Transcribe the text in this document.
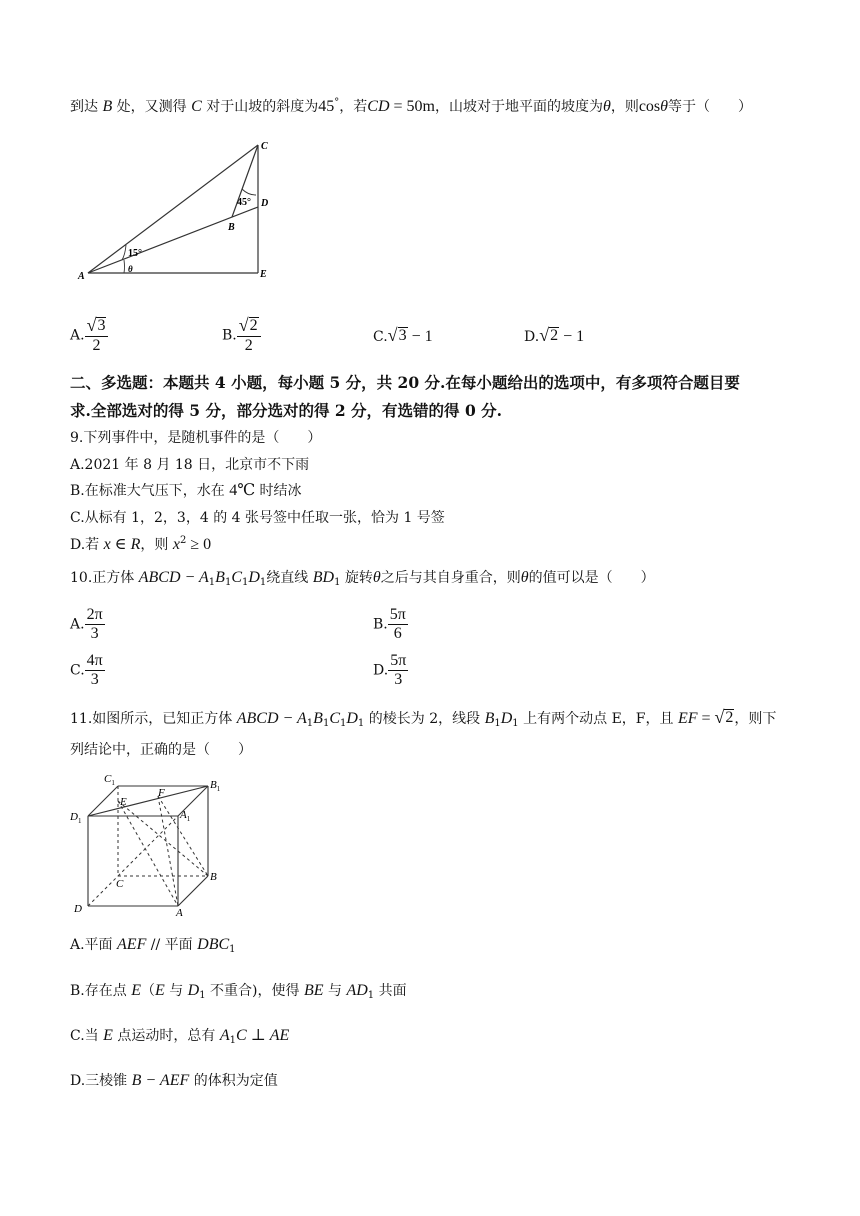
到达 B 处，又测得 C 对于山坡的斜度为45°，若CD = 50m，山坡对于地平面的坡度为θ，则cosθ等于（　　）
C
D
B
A	E
45°
15°
θ
A. $\frac{√ 3}{2}$	B. $\frac{√ 2}{2}$	C. √ 3 − 1	D. √ 2 − 1
二、多选题：本题共 4 小题，每小题 5 分，共 20 分.在每小题给出的选项中，有多项符合题目要
求.全部选对的得 5 分，部分选对的得 2 分，有选错的得 0 分.
9.下列事件中，是随机事件的是（　　）
A.2021 年 8 月 18 日，北京市不下雨
B.在标准大气压下，水在 4℃ 时结冰
C.从标有 1，2，3，4 的 4 张号签中任取一张，恰为 1 号签
D.若 x ∈ R，则 $x^2 \ge 0$
10.正方体 ABCD − $A_1B_1C_1D_1$绕直线 $BD_1$ 旋转θ之后与其自身重合，则θ的值可以是（　　）
A. $\frac{2\pi}{3}$	B. $\frac{5\pi}{6}$
C. $\frac{4\pi}{3}$	D. $\frac{5\pi}{3}$
11.如图所示，已知正方体 ABCD − $A_1B_1C_1D_1$ 的棱长为 2，线段 $B_1D_1$ 上有两个动点 E，F，且 EF = √ 2 ，则下
列结论中，正确的是（　　）
$C_1$	$B_1$
$D_1$	$A_1$
E
F
C
B
D	A
A.平面 AEF // 平面 $DBC_1$
B.存在点 E（E 与 $D_1$ 不重合)，使得 BE 与 $AD_1$ 共面
C.当 E 点运动时，总有 $A_1C$ ⊥ AE
D.三棱锥 B − AEF 的体积为定值
